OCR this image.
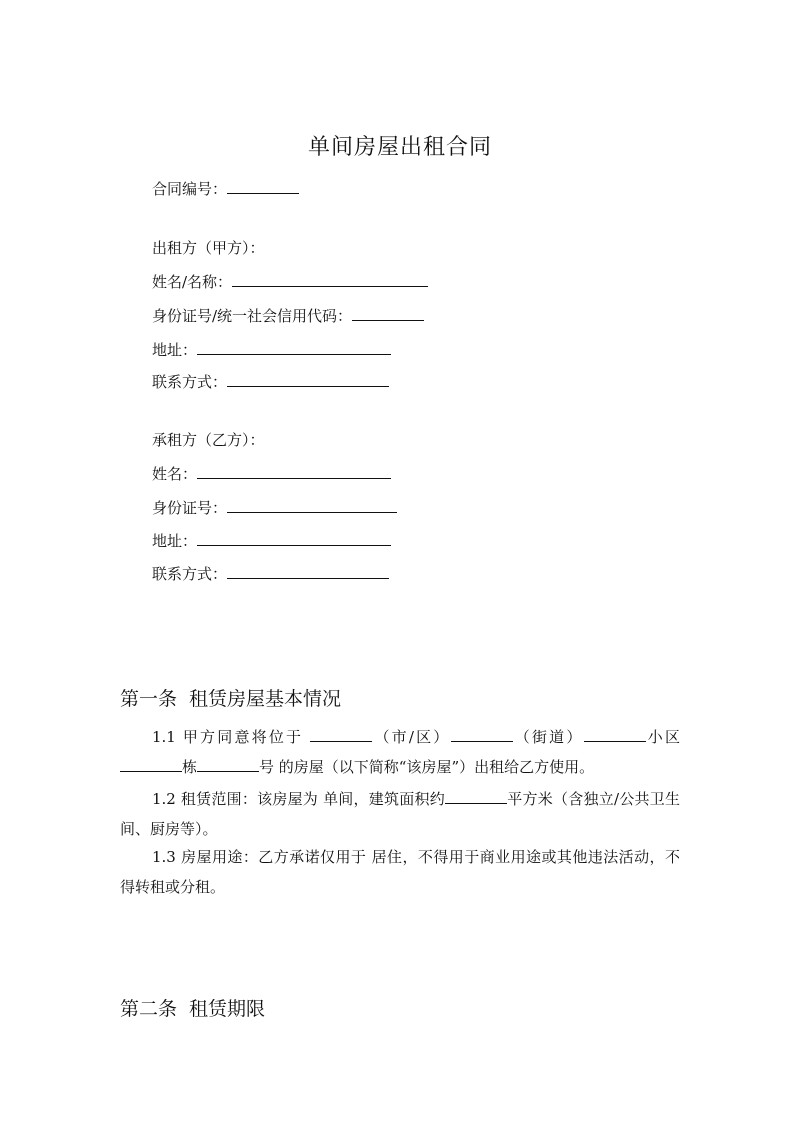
单间房屋出租合同
合同编号：
出租方（甲方）：
姓名/名称：
身份证号/统一社会信用代码：
地址：
联系方式：
承租方（乙方）：
姓名：
身份证号：
地址：
联系方式：
第一条 租赁房屋基本情况
1.1 甲方同意将位于	（市/区）	（街道）	小区栋	号 的房屋（以下简称“该房屋”）出租给乙方使用。
1.2 租赁范围：该房屋为 单间，建筑面积约	平方米（含独立/公共卫生间、厨房等）。
1.3 房屋用途：乙方承诺仅用于 居住，不得用于商业用途或其他违法活动，不得转租或分租。
第二条 租赁期限
